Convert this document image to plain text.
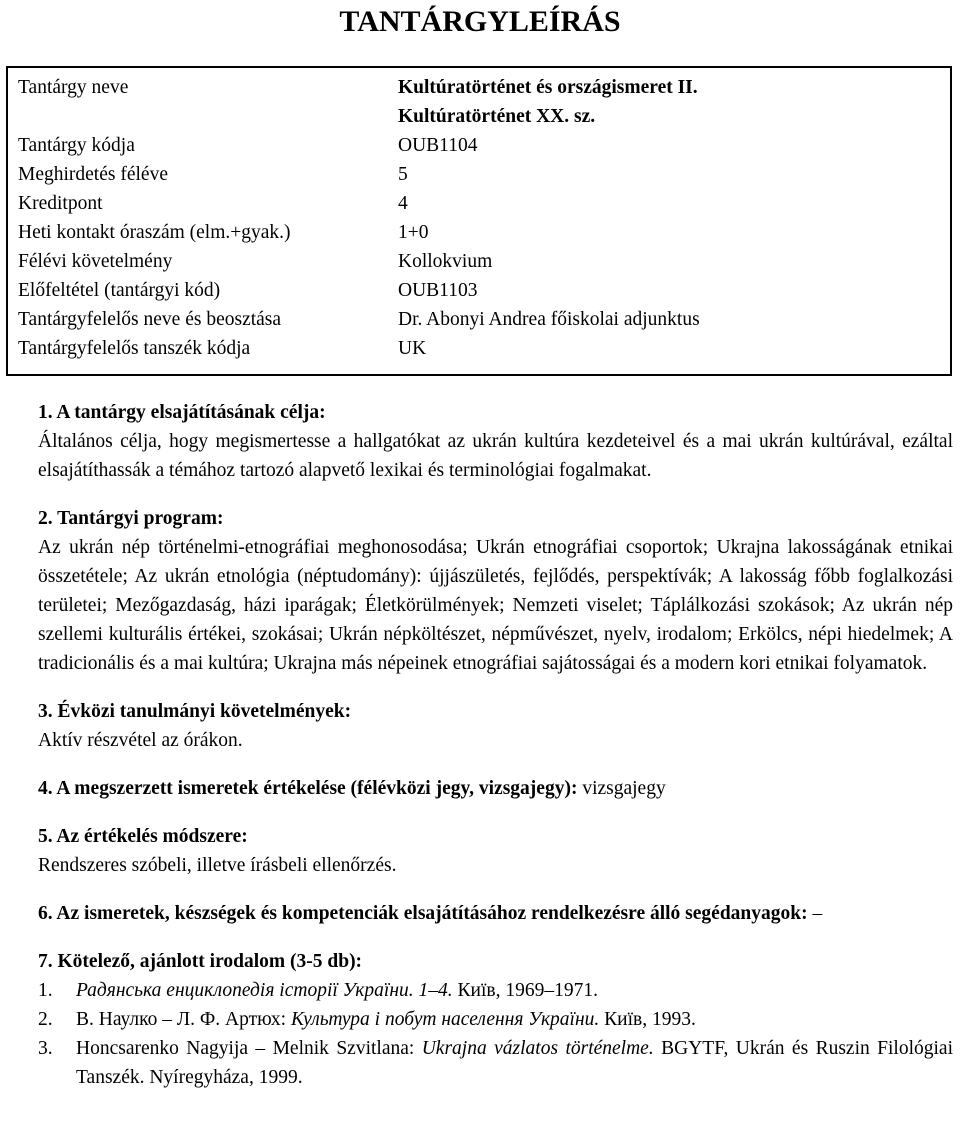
TANTÁRGYLEÍRÁS
Tantárgy neve	Kultúratörténet és országismeret II.
Kultúratörténet XX. sz.
Tantárgy kódja	OUB1104
Meghirdetés féléve	5
Kreditpont	4
Heti kontakt óraszám (elm.+gyak.)	1+0
Félévi követelmény	Kollokvium
Előfeltétel (tantárgyi kód)	OUB1103
Tantárgyfelelős neve és beosztása	Dr. Abonyi Andrea főiskolai adjunktus
Tantárgyfelelős tanszék kódja	UK
1. A tantárgy elsajátításának célja:
Általános célja, hogy megismertesse a hallgatókat az ukrán kultúra kezdeteivel és a mai ukrán kultúrával, ezáltal elsajátíthassák a témához tartozó alapvető lexikai és terminológiai fogalmakat.
2. Tantárgyi program:
Az ukrán nép történelmi-etnográfiai meghonosodása; Ukrán etnográfiai csoportok; Ukrajna lakosságának etnikai összetétele; Az ukrán etnológia (néptudomány): újjászületés, fejlődés, perspektívák; A lakosság főbb foglalkozási területei; Mezőgazdaság, házi iparágak; Életkörülmények; Nemzeti viselet; Táplálkozási szokások; Az ukrán nép szellemi kulturális értékei, szokásai; Ukrán népköltészet, népművészet, nyelv, irodalom; Erkölcs, népi hiedelmek; A tradicionális és a mai kultúra; Ukrajna más népeinek etnográfiai sajátosságai és a modern kori etnikai folyamatok.
3. Évközi tanulmányi követelmények:
Aktív részvétel az órákon.
4. A megszerzett ismeretek értékelése (félévközi jegy, vizsgajegy): vizsgajegy
5. Az értékelés módszere:
Rendszeres szóbeli, illetve írásbeli ellenőrzés.
6. Az ismeretek, készségek és kompetenciák elsajátításához rendelkezésre álló segédanyagok: –
7. Kötelező, ajánlott irodalom (3-5 db):
1.	Радянська енциклопедія історії України. 1–4. Київ, 1969–1971.
2.	В. Наулко – Л. Ф. Артюх: Культура і побут населення України. Київ, 1993.
3.	Honcsarenko Nagyija – Melnik Szvitlana: Ukrajna vázlatos történelme. BGYTF, Ukrán és Ruszin Filológiai Tanszék. Nyíregyháza, 1999.
